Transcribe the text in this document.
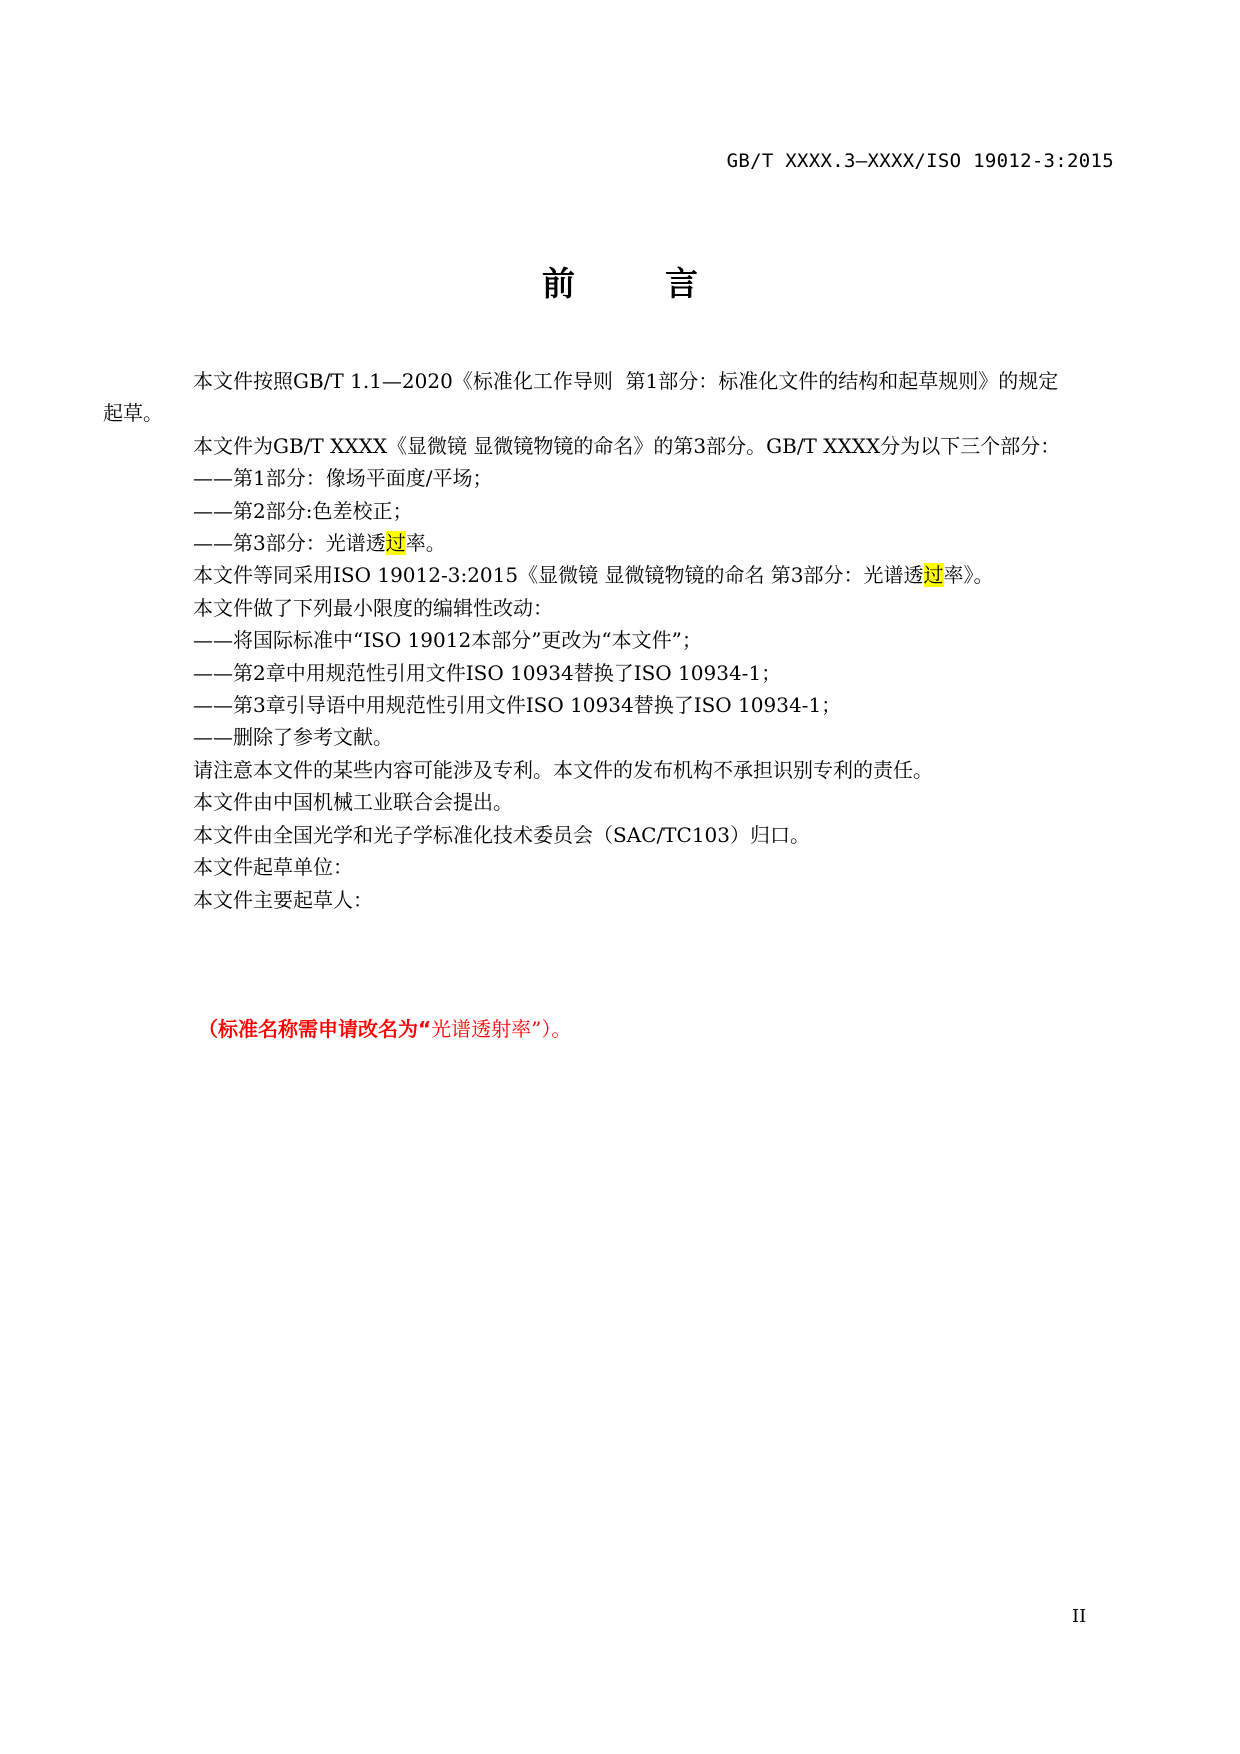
GB/T XXXX.3—XXXX/ISO 19012-3:2015
前	言

本文件按照GB/T 1.1—2020《标准化工作导则  第1部分：标准化文件的结构和起草规则》的规定
起草。

本文件为GB/T XXXX《显微镜 显微镜物镜的命名》的第3部分。GB/T XXXX分为以下三个部分：

——第1部分：像场平面度/平场；

——第2部分:色差校正；

——第3部分：光谱透过率。

本文件等同采用ISO 19012-3:2015《显微镜 显微镜物镜的命名 第3部分：光谱透过率》。

本文件做了下列最小限度的编辑性改动：

——将国际标准中“ISO 19012本部分”更改为“本文件”；

——第2章中用规范性引用文件ISO 10934替换了ISO 10934-1；

——第3章引导语中用规范性引用文件ISO 10934替换了ISO 10934-1；

——删除了参考文献。

请注意本文件的某些内容可能涉及专利。本文件的发布机构不承担识别专利的责任。

本文件由中国机械工业联合会提出。

本文件由全国光学和光子学标准化技术委员会（SAC/TC103）归口。

本文件起草单位：

本文件主要起草人：

（标准名称需申请改名为“光谱透射率”）。
II
